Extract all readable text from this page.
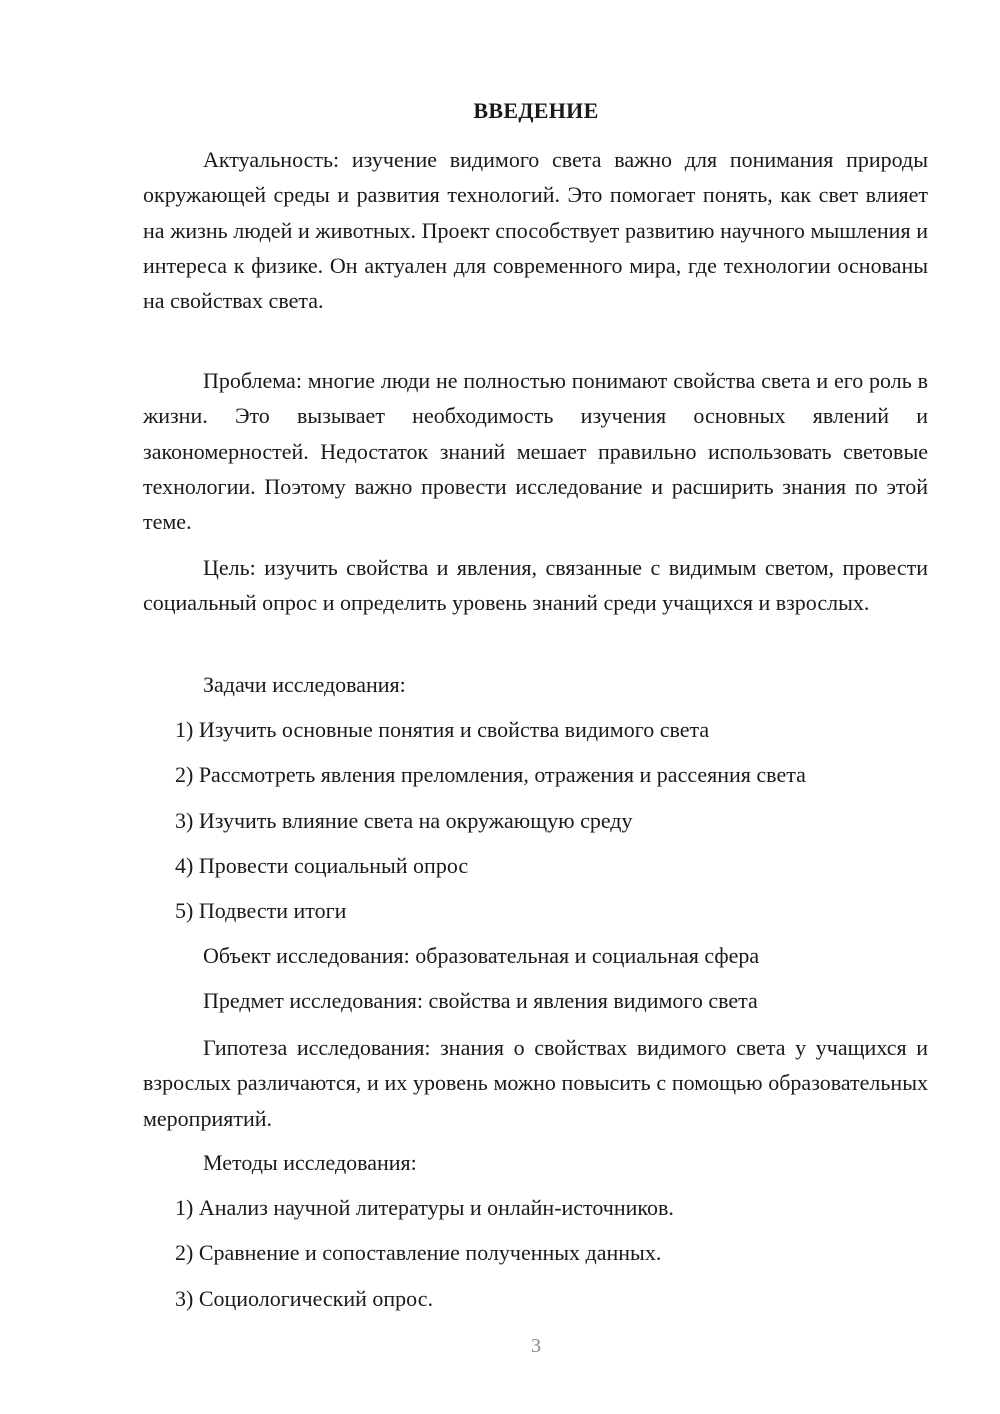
ВВЕДЕНИЕ

Актуальность: изучение видимого света важно для понимания природы окружающей среды и развития технологий. Это помогает понять, как свет влияет на жизнь людей и животных. Проект способствует развитию научного мышления и интереса к физике. Он актуален для современного мира, где технологии основаны на свойствах света.

Проблема: многие люди не полностью понимают свойства света и его роль в жизни. Это вызывает необходимость изучения основных явлений и закономерностей. Недостаток знаний мешает правильно использовать световые технологии. Поэтому важно провести исследование и расширить знания по этой теме.

Цель: изучить свойства и явления, связанные с видимым светом, провести социальный опрос и определить уровень знаний среди учащихся и взрослых.

Задачи исследования:

1) Изучить основные понятия и свойства видимого света

2) Рассмотреть явления преломления, отражения и рассеяния света

3) Изучить влияние света на окружающую среду

4) Провести социальный опрос

5) Подвести итоги

Объект исследования: образовательная и социальная сфера

Предмет исследования: свойства и явления видимого света

Гипотеза исследования: знания о свойствах видимого света у учащихся и взрослых различаются, и их уровень можно повысить с помощью образовательных мероприятий.

Методы исследования:

1) Анализ научной литературы и онлайн-источников.

2) Сравнение и сопоставление полученных данных.

3) Социологический опрос.

3
